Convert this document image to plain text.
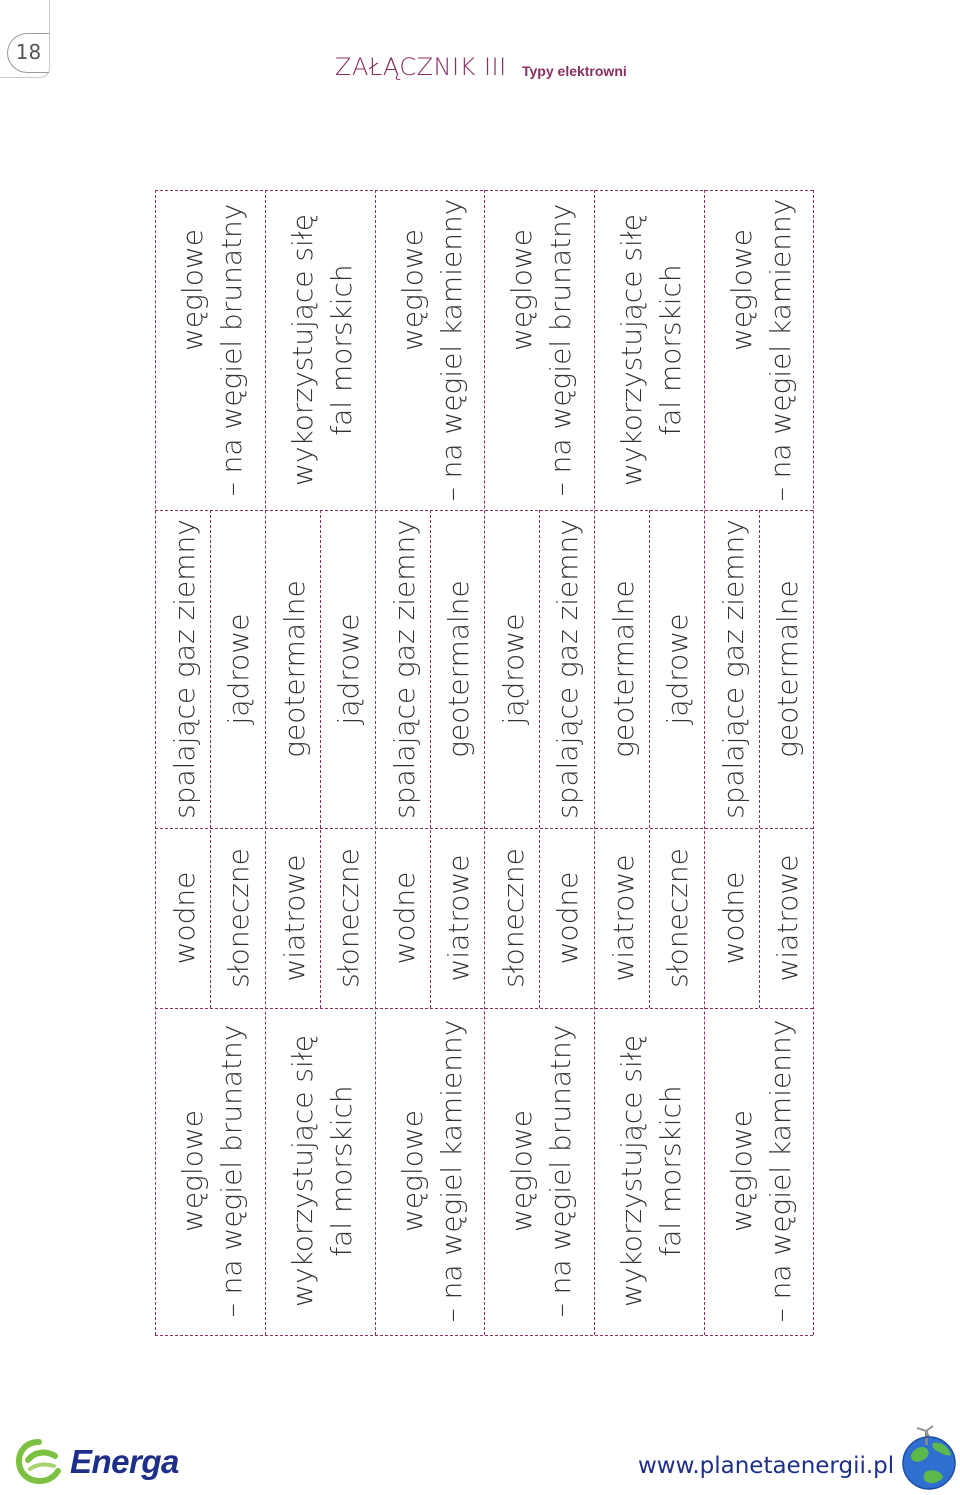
18
ZAŁĄCZNIK III Typy elektrowni
węglowe – na węgiel brunatny wykorzystujące siłę fal morskich węglowe – na węgiel kamienny węglowe – na węgiel brunatny wykorzystujące siłę fal morskich węglowe – na węgiel kamienny
spalające gaz ziemny jądrowe geotermalne jądrowe spalające gaz ziemny geotermalne jądrowe spalające gaz ziemny geotermalne jądrowe spalające gaz ziemny geotermalne
wodne słoneczne wiatrowe słoneczne wodne wiatrowe słoneczne wodne wiatrowe słoneczne wodne wiatrowe
węglowe – na węgiel brunatny wykorzystujące siłę fal morskich węglowe – na węgiel kamienny węglowe – na węgiel brunatny wykorzystujące siłę fal morskich węglowe – na węgiel kamienny
Energa	www.planetaenergii.pl
